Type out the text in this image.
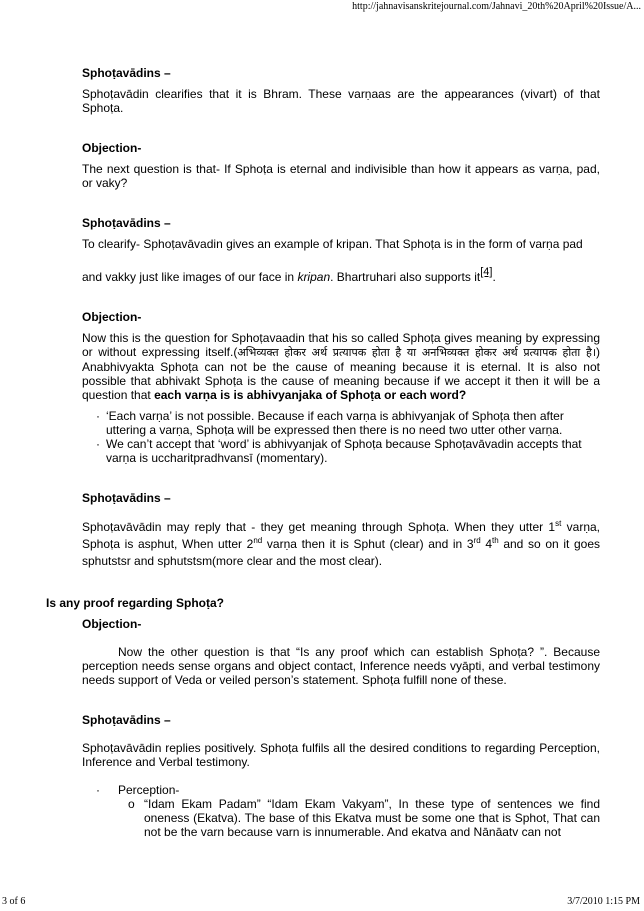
http://jahnavisanskritejournal.com/Jahnavi_20th%20April%20Issue/A...

Sphoṭavādins –

Sphoṭavādin clearifies that it is Bhram. These varṇaas are the appearances (vivart) of that Sphoṭa.

Objection-

The next question is that- If Sphoṭa is eternal and indivisible than how it appears as varṇa, pad, or vaky?

Sphoṭavādins –

To clearify- Sphoṭavāvadin gives an example of kripan. That Sphoṭa is in the form of varṇa pad

and vakky just like images of our face in kripan. Bhartruhari also supports it[4].

Objection-

Now this is the question for Sphoṭavaadin that his so called Sphoṭa gives meaning by expressing or without expressing itself.(अभिव्यक्त होकर अर्थ प्रत्यापक होता है या अनभिव्यक्त होकर अर्थ प्रत्यापक होता है।) Anabhivyakta Sphoṭa can not be the cause of meaning because it is eternal. It is also not possible that abhivakt Sphoṭa is the cause of meaning because if we accept it then it will be a question that each varṇa is is abhivyanjaka of Sphoṭa or each word?

· ‘Each varṇa’ is not possible. Because if each varṇa is abhivyanjak of Sphoṭa then after uttering a varṇa, Sphoṭa will be expressed then there is no need two utter other varṇa.
· We can’t accept that ‘word’ is abhivyanjak of Sphoṭa because Sphoṭavāvadin accepts that varṇa is uccharitpradhvansī (momentary).

Sphoṭavādins –

Sphoṭavāvādin may reply that - they get meaning through Sphoṭa. When they utter 1st varṇa, Sphoṭa is asphut, When utter 2nd varṇa then it is Sphut (clear) and in 3rd 4th and so on it goes sphutstsr and sphutstsm(more clear and the most clear).

Is any proof regarding Sphoṭa?

Objection-

Now the other question is that “Is any proof which can establish Sphoṭa? ”. Because perception needs sense organs and object contact, Inference needs vyāpti, and verbal testimony needs support of Veda or veiled person’s statement. Sphoṭa fulfill none of these.

Sphoṭavādins –

Sphoṭavāvādin replies positively. Sphoṭa fulfils all the desired conditions to regarding Perception, Inference and Verbal testimony.

·	Perception-
o “Idam Ekam Padam” “Idam Ekam Vakyam”, In these type of sentences we find oneness (Ekatva). The base of this Ekatva must be some one that is Sphot, That can not be the varn because varn is innumerable. And ekatva and Nānāatv can not
3 of 6	3/7/2010 1:15 PM
